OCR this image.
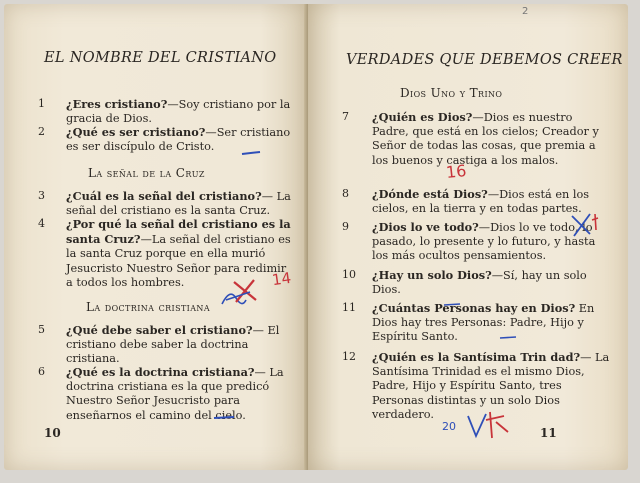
EL NOMBRE DEL CRISTIANO
1	¿Eres cristiano?—Soy cristiano por la gracia de Dios.
2	¿Qué es ser cristiano?—Ser cristiano es ser discípulo de Cristo.
La señal de la Cruz
3	¿Cuál es la señal del cristiano?— La señal del cristiano es la santa Cruz.
4	¿Por qué la señal del cristiano es la santa Cruz?—La señal del cristiano es la santa Cruz porque en ella murió Jesucristo Nuestro Señor para redimir a todos los hombres.
La doctrina cristiana
5	¿Qué debe saber el cristiano?— El cristiano debe saber la doctrina cristiana.
6	¿Qué es la doctrina cristiana?— La doctrina cristiana es la que predicó Nuestro Señor Jesucristo para enseñarnos el camino del cielo.
10
14
2
VERDADES QUE DEBEMOS CREER
Dios Uno y Trino
7	¿Quién es Dios?—Dios es nuestro Padre, que está en los cielos; Creador y Señor de todas las cosas, que premia a los buenos y castiga a los malos.
8	¿Dónde está Dios?—Dios está en los cielos, en la tierra y en todas partes.
9	¿Dios lo ve todo?—Dios lo ve todo, lo pasado, lo presente y lo futuro, y hasta los más ocultos pensamientos.
10	¿Hay un solo Dios?—Sí, hay un solo Dios.
11	¿Cuántas Personas hay en Dios? En Dios hay tres Personas: Padre, Hijo y Espíritu Santo.
12	¿Quién es la Santísima Trin dad?— La Santísima Trinidad es el mismo Dios, Padre, Hijo y Espíritu Santo, tres Personas distintas y un solo Dios verdadero.
11
16
20
